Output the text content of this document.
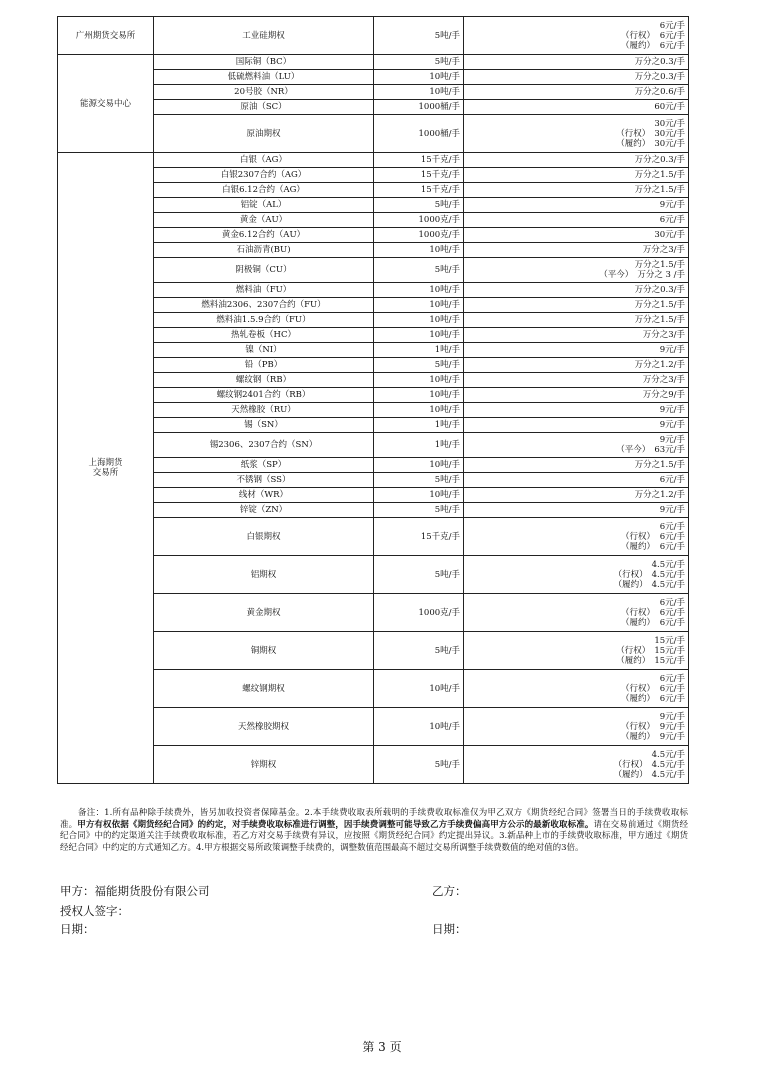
广州期货交易所	工业硅期权	5吨/手	6元/手
（行权） 6元/手
（履约） 6元/手

能源交易中心	国际铜（BC）	5吨/手	万分之0.3/手

	低硫燃料油（LU）	10吨/手	万分之0.3/手

	20号胶（NR）	10吨/手	万分之0.6/手

	原油（SC）	1000桶/手	60元/手

	原油期权	1000桶/手	30元/手
（行权） 30元/手
（履约） 30元/手

上海期货
交易所	白银（AG）	15千克/手	万分之0.3/手

	白银2307合约（AG）	15千克/手	万分之1.5/手

	白银6.12合约（AG）	15千克/手	万分之1.5/手

	铝锭（AL）	5吨/手	9元/手

	黄金（AU）	1000克/手	6元/手

	黄金6.12合约（AU）	1000克/手	30元/手

	石油沥青(BU)	10吨/手	万分之3/手

	阴极铜（CU）	5吨/手	万分之1.5/手
（平今） 万分之 3 /手

	燃料油（FU）	10吨/手	万分之0.3/手

	燃料油2306、2307合约（FU）	10吨/手	万分之1.5/手

	燃料油1.5.9合约（FU）	10吨/手	万分之1.5/手

	热轧卷板（HC）	10吨/手	万分之3/手

	镍（NI）	1吨/手	9元/手

	铅（PB）	5吨/手	万分之1.2/手

	螺纹钢（RB）	10吨/手	万分之3/手

	螺纹钢2401合约（RB）	10吨/手	万分之9/手

	天然橡胶（RU）	10吨/手	9元/手

	锡（SN）	1吨/手	9元/手

	锡2306、2307合约（SN）	1吨/手	9元/手
（平今） 63元/手

	纸浆（SP）	10吨/手	万分之1.5/手

	不锈钢（SS）	5吨/手	6元/手

	线材（WR）	10吨/手	万分之1.2/手

	锌锭（ZN）	5吨/手	9元/手

	白银期权	15千克/手	6元/手
（行权） 6元/手
（履约） 6元/手

	铝期权	5吨/手	4.5元/手
（行权） 4.5元/手
（履约） 4.5元/手

	黄金期权	1000克/手	6元/手
（行权） 6元/手
（履约） 6元/手

	铜期权	5吨/手	15元/手
（行权） 15元/手
（履约） 15元/手

	螺纹钢期权	10吨/手	6元/手
（行权） 6元/手
（履约） 6元/手

	天然橡胶期权	10吨/手	9元/手
（行权） 9元/手
（履约） 9元/手

	锌期权	5吨/手	4.5元/手
（行权） 4.5元/手
（履约） 4.5元/手
备注：1.所有品种除手续费外，皆另加收投资者保障基金。2.本手续费收取表所载明的手续费收取标准仅为甲乙双方《期货经纪合同》签署当日的手续费收取标准。甲方有权依据《期货经纪合同》的约定，对手续费收取标准进行调整，因手续费调整可能导致乙方手续费偏高甲方公示的最新收取标准。请在交易前通过《期货经纪合同》中的约定渠道关注手续费收取标准，若乙方对交易手续费有异议，应按照《期货经纪合同》约定提出异议。3.新品种上市的手续费收取标准，甲方通过《期货经纪合同》中约定的方式通知乙方。4.甲方根据交易所政策调整手续费的，调整数值范围最高不超过交易所调整手续费数值的绝对值的3倍。
甲方：福能期货股份有限公司	乙方：
授权人签字：
日期：	日期：
第 3 页
